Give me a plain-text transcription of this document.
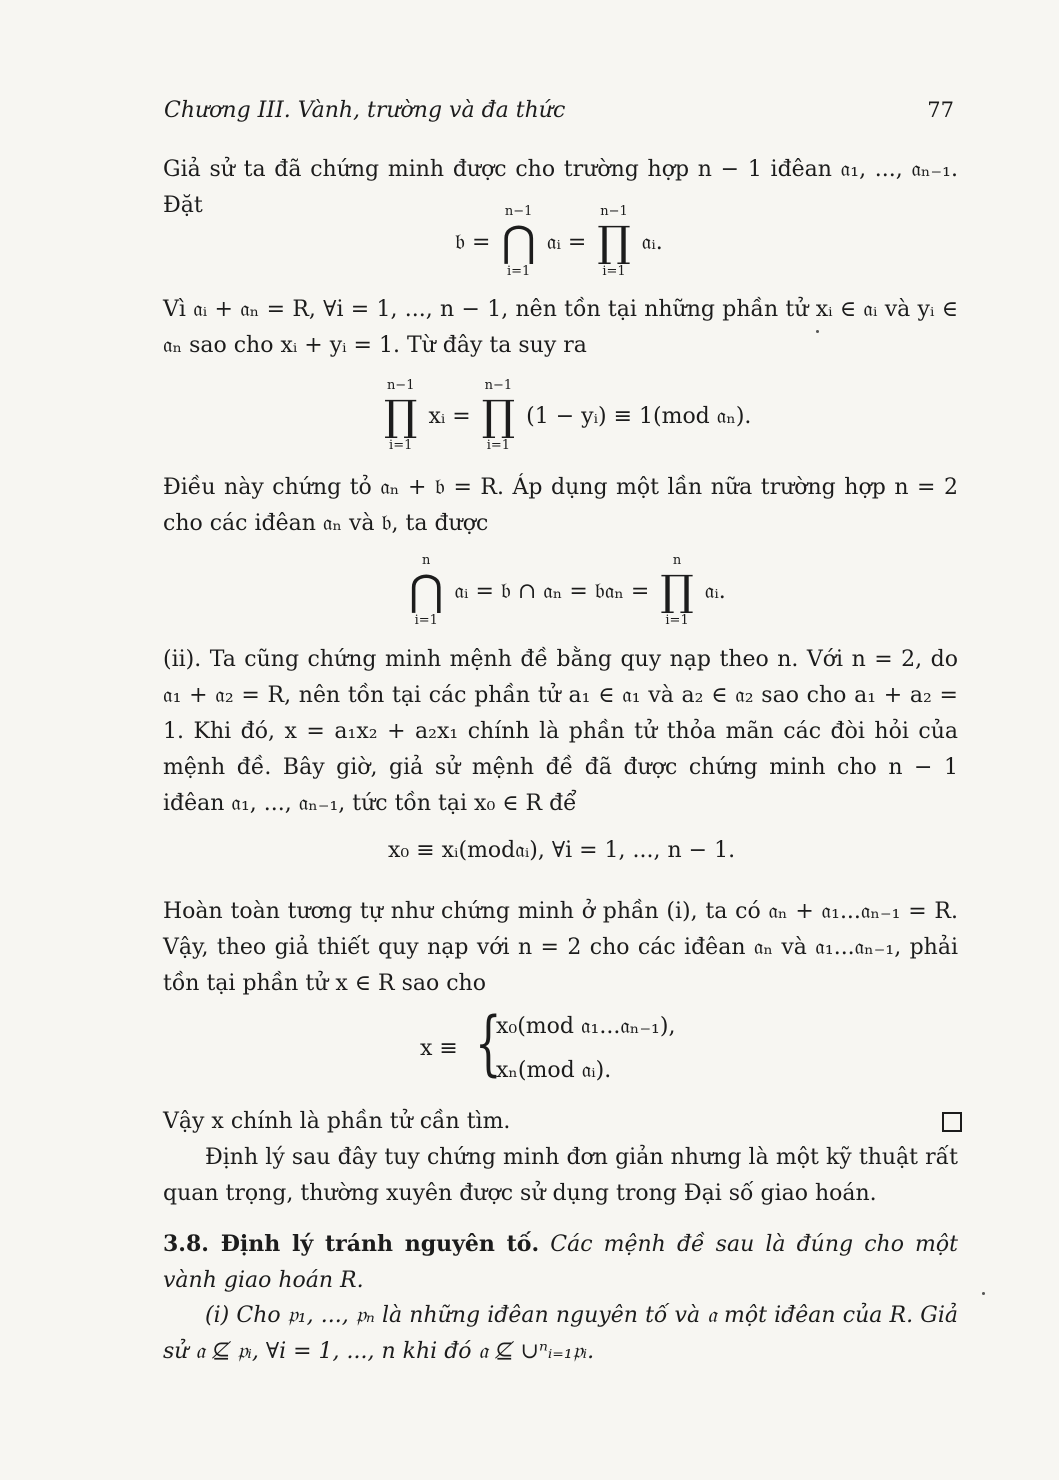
Chương III. Vành, trường và đa thức	77
Giả sử ta đã chứng minh được cho trường hợp n − 1 iđêan 𝔞₁, ..., 𝔞ₙ₋₁. Đặt
𝔟 =
n−1
⋂
i=1
𝔞ᵢ =
n−1
∏
i=1
𝔞ᵢ.
Vì 𝔞ᵢ + 𝔞ₙ = R, ∀i = 1, ..., n − 1, nên tồn tại những phần tử xᵢ ∈ 𝔞ᵢ và yᵢ ∈ 𝔞ₙ sao cho xᵢ + yᵢ = 1. Từ đây ta suy ra
n−1
∏
i=1
xᵢ =
n−1
∏
i=1
(1 − yᵢ) ≡ 1(mod 𝔞ₙ).
Điều này chứng tỏ 𝔞ₙ + 𝔟 = R. Áp dụng một lần nữa trường hợp n = 2 cho các iđêan 𝔞ₙ và 𝔟, ta được
n
⋂
i=1
𝔞ᵢ = 𝔟 ∩ 𝔞ₙ = 𝔟𝔞ₙ =
n
∏
i=1
𝔞ᵢ.
(ii). Ta cũng chứng minh mệnh đề bằng quy nạp theo n. Với n = 2, do 𝔞₁ + 𝔞₂ = R, nên tồn tại các phần tử a₁ ∈ 𝔞₁ và a₂ ∈ 𝔞₂ sao cho a₁ + a₂ = 1. Khi đó, x = a₁x₂ + a₂x₁ chính là phần tử thỏa mãn các đòi hỏi của mệnh đề. Bây giờ, giả sử mệnh đề đã được chứng minh cho n − 1 iđêan 𝔞₁, ..., 𝔞ₙ₋₁, tức tồn tại x₀ ∈ R để
x₀ ≡ xᵢ(mod𝔞ᵢ), ∀i = 1, ..., n − 1.
Hoàn toàn tương tự như chứng minh ở phần (i), ta có 𝔞ₙ + 𝔞₁...𝔞ₙ₋₁ = R. Vậy, theo giả thiết quy nạp với n = 2 cho các iđêan 𝔞ₙ và 𝔞₁...𝔞ₙ₋₁, phải tồn tại phần tử x ∈ R sao cho
x ≡ {
x₀(mod 𝔞₁...𝔞ₙ₋₁),
xₙ(mod 𝔞ᵢ).
Vậy x chính là phần tử cần tìm.
Định lý sau đây tuy chứng minh đơn giản nhưng là một kỹ thuật rất quan trọng, thường xuyên được sử dụng trong Đại số giao hoán.
3.8. Định lý tránh nguyên tố. Các mệnh đề sau là đúng cho một vành giao hoán R.
(i) Cho 𝔭₁, ..., 𝔭ₙ là những iđêan nguyên tố và 𝔞 một iđêan của R. Giả sử 𝔞 ⊈ 𝔭ᵢ, ∀i = 1, ..., n khi đó 𝔞 ⊈ ∪ⁿᵢ₌₁𝔭ᵢ.
